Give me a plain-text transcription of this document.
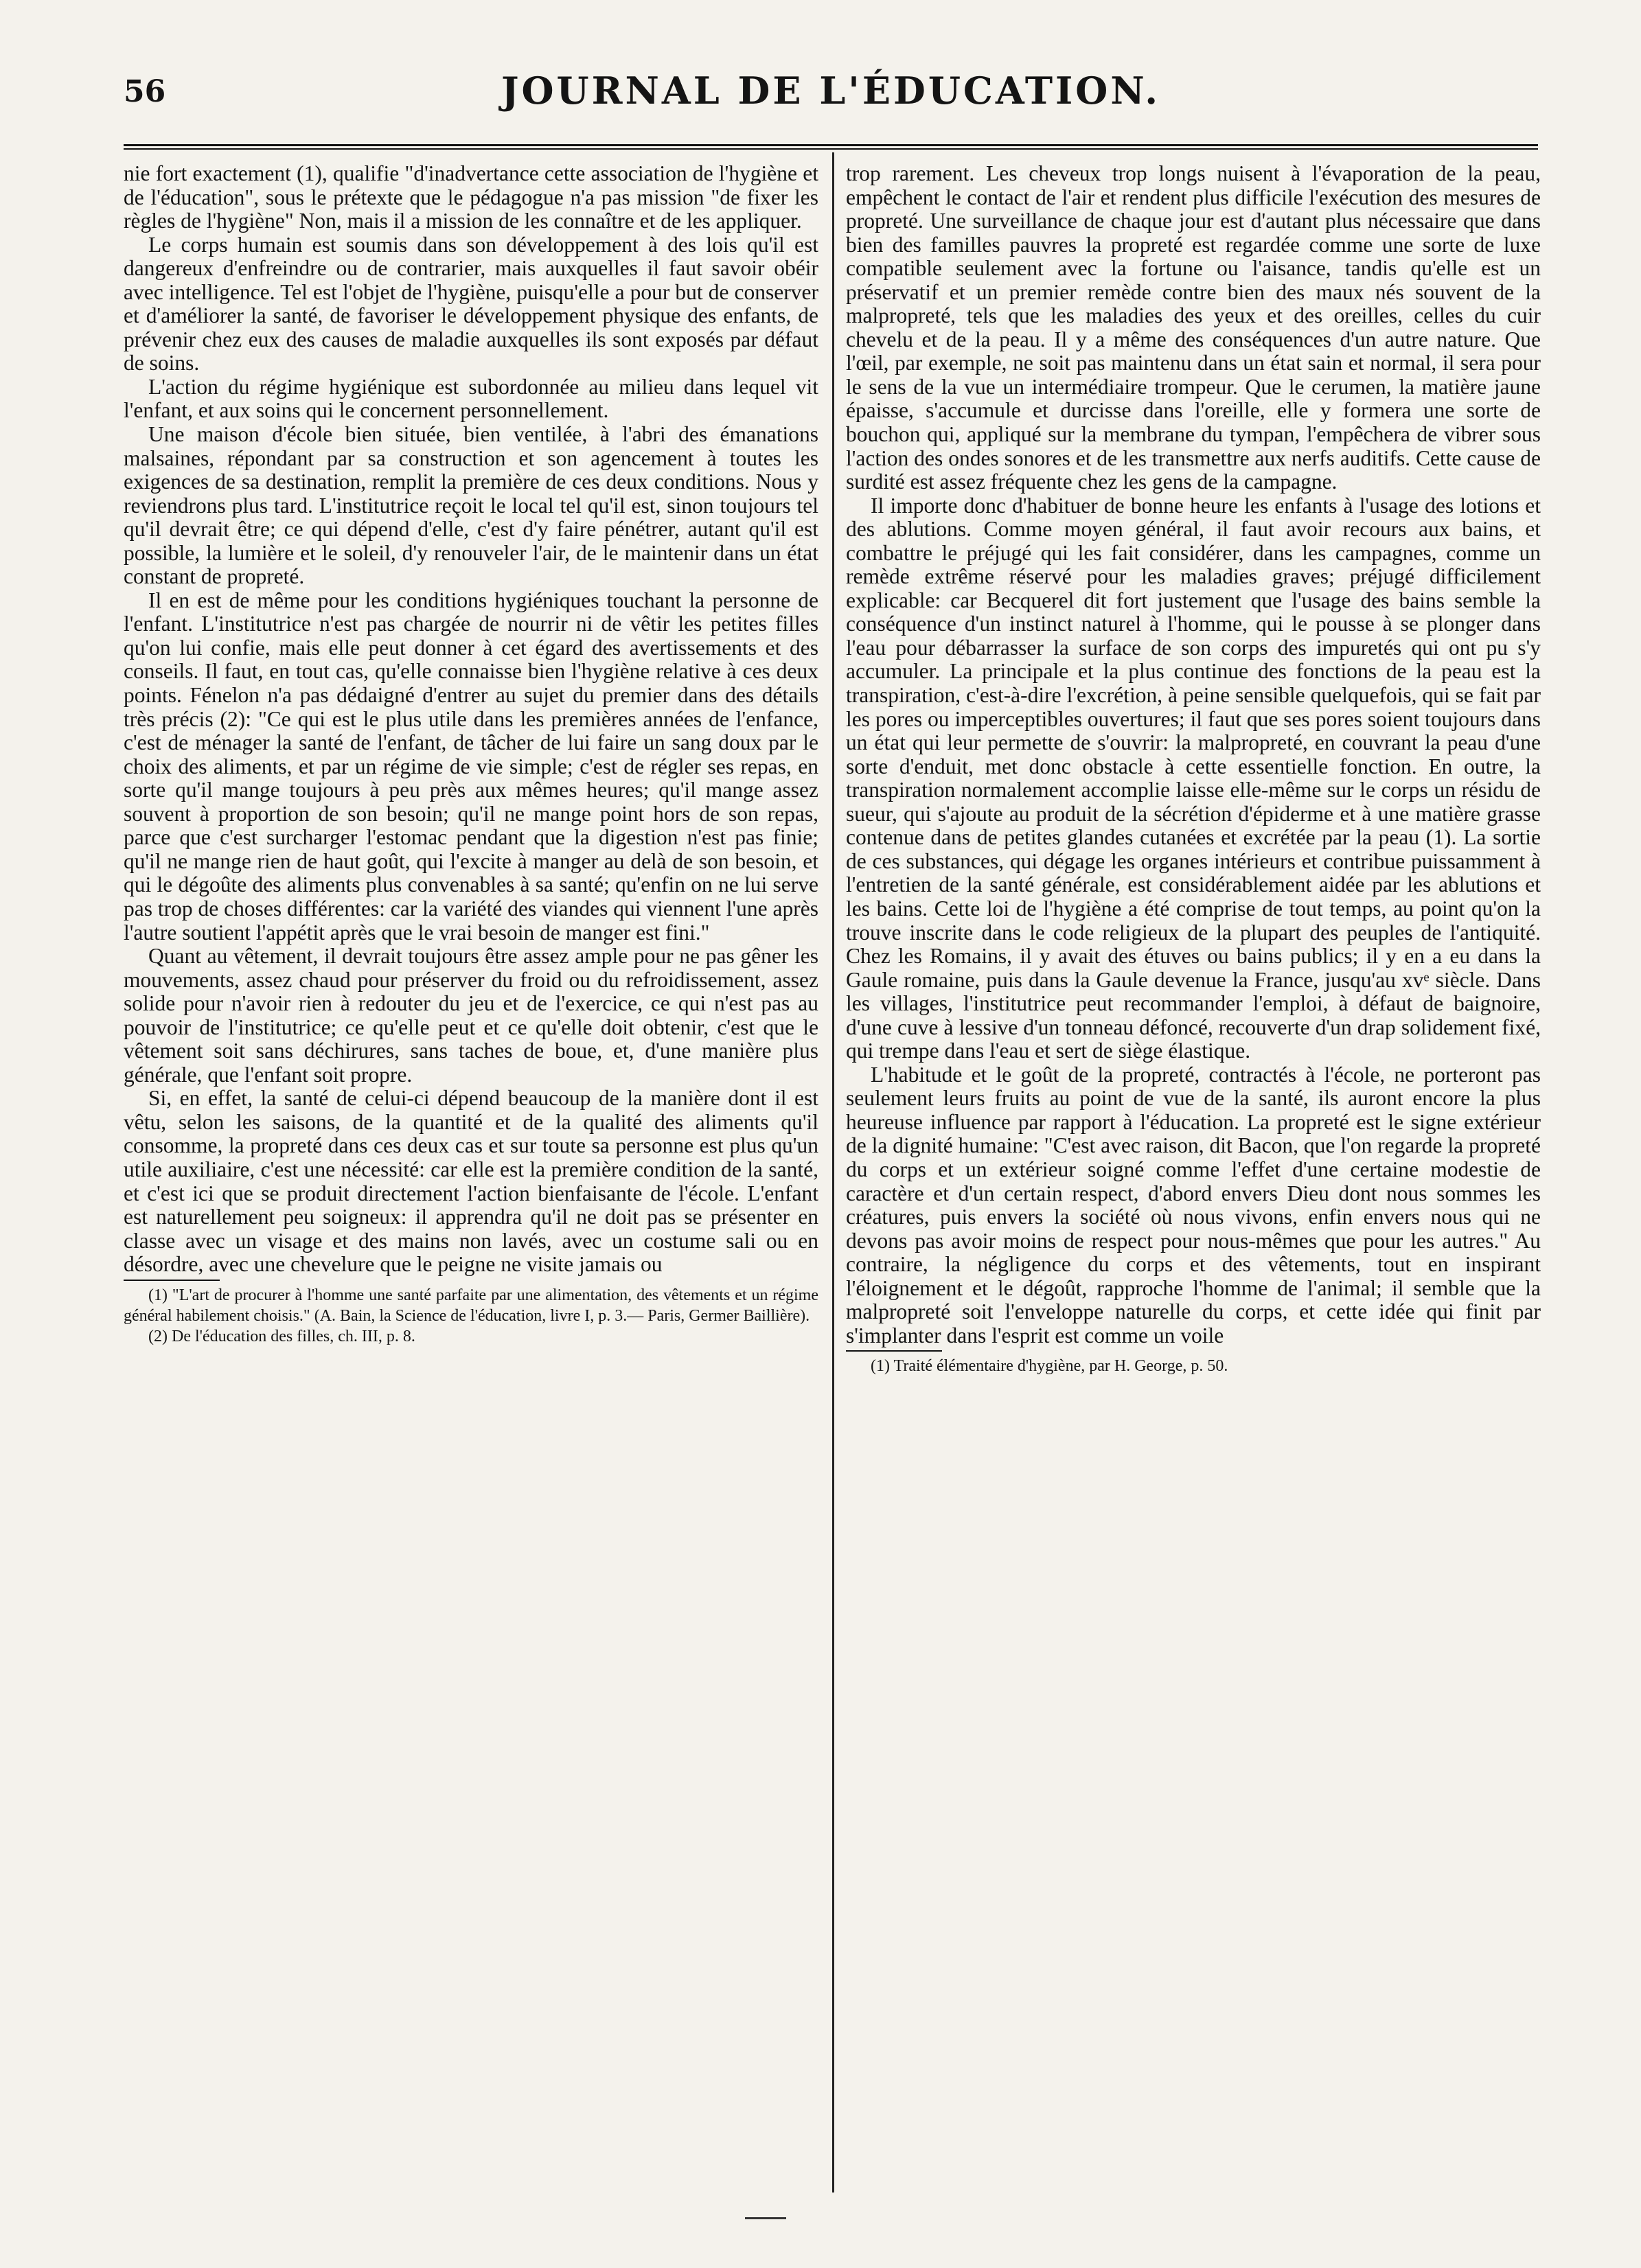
56	JOURNAL DE L'ÉDUCATION.

nie fort exactement (1), qualifie "d'inadvertance cette association de l'hygiène et de l'éducation", sous le prétexte que le pédagogue n'a pas mission "de fixer les règles de l'hygiène" Non, mais il a mission de les connaître et de les appliquer.

Le corps humain est soumis dans son développement à des lois qu'il est dangereux d'enfreindre ou de contrarier, mais auxquelles il faut savoir obéir avec intelligence. Tel est l'objet de l'hygiène, puisqu'elle a pour but de conserver et d'améliorer la santé, de favoriser le développement physique des enfants, de prévenir chez eux des causes de maladie auxquelles ils sont exposés par défaut de soins.

L'action du régime hygiénique est subordonnée au milieu dans lequel vit l'enfant, et aux soins qui le concernent personnellement.

Une maison d'école bien située, bien ventilée, à l'abri des émanations malsaines, répondant par sa construction et son agencement à toutes les exigences de sa destination, remplit la première de ces deux conditions. Nous y reviendrons plus tard. L'institutrice reçoit le local tel qu'il est, sinon toujours tel qu'il devrait être; ce qui dépend d'elle, c'est d'y faire pénétrer, autant qu'il est possible, la lumière et le soleil, d'y renouveler l'air, de le maintenir dans un état constant de propreté.

Il en est de même pour les conditions hygiéniques touchant la personne de l'enfant. L'institutrice n'est pas chargée de nourrir ni de vêtir les petites filles qu'on lui confie, mais elle peut donner à cet égard des avertissements et des conseils. Il faut, en tout cas, qu'elle connaisse bien l'hygiène relative à ces deux points. Fénelon n'a pas dédaigné d'entrer au sujet du premier dans des détails très précis (2): "Ce qui est le plus utile dans les premières années de l'enfance, c'est de ménager la santé de l'enfant, de tâcher de lui faire un sang doux par le choix des aliments, et par un régime de vie simple; c'est de régler ses repas, en sorte qu'il mange toujours à peu près aux mêmes heures; qu'il mange assez souvent à proportion de son besoin; qu'il ne mange point hors de son repas, parce que c'est surcharger l'estomac pendant que la digestion n'est pas finie; qu'il ne mange rien de haut goût, qui l'excite à manger au delà de son besoin, et qui le dégoûte des aliments plus convenables à sa santé; qu'enfin on ne lui serve pas trop de choses différentes: car la variété des viandes qui viennent l'une après l'autre soutient l'appétit après que le vrai besoin de manger est fini."

Quant au vêtement, il devrait toujours être assez ample pour ne pas gêner les mouvements, assez chaud pour préserver du froid ou du refroidissement, assez solide pour n'avoir rien à redouter du jeu et de l'exercice, ce qui n'est pas au pouvoir de l'institutrice; ce qu'elle peut et ce qu'elle doit obtenir, c'est que le vêtement soit sans déchirures, sans taches de boue, et, d'une manière plus générale, que l'enfant soit propre.

Si, en effet, la santé de celui-ci dépend beaucoup de la manière dont il est vêtu, selon les saisons, de la quantité et de la qualité des aliments qu'il consomme, la propreté dans ces deux cas et sur toute sa personne est plus qu'un utile auxiliaire, c'est une nécessité: car elle est la première condition de la santé, et c'est ici que se produit directement l'action bienfaisante de l'école. L'enfant est naturellement peu soigneux: il apprendra qu'il ne doit pas se présenter en classe avec un visage et des mains non lavés, avec un costume sali ou en désordre, avec une chevelure que le peigne ne visite jamais ou

(1) "L'art de procurer à l'homme une santé parfaite par une alimentation, des vêtements et un régime général habilement choisis." (A. Bain, la Science de l'éducation, livre I, p. 3.— Paris, Germer Baillière).

(2) De l'éducation des filles, ch. III, p. 8.

trop rarement. Les cheveux trop longs nuisent à l'évaporation de la peau, empêchent le contact de l'air et rendent plus difficile l'exécution des mesures de propreté. Une surveillance de chaque jour est d'autant plus nécessaire que dans bien des familles pauvres la propreté est regardée comme une sorte de luxe compatible seulement avec la fortune ou l'aisance, tandis qu'elle est un préservatif et un premier remède contre bien des maux nés souvent de la malpropreté, tels que les maladies des yeux et des oreilles, celles du cuir chevelu et de la peau. Il y a même des conséquences d'un autre nature. Que l'œil, par exemple, ne soit pas maintenu dans un état sain et normal, il sera pour le sens de la vue un intermédiaire trompeur. Que le cerumen, la matière jaune épaisse, s'accumule et durcisse dans l'oreille, elle y formera une sorte de bouchon qui, appliqué sur la membrane du tympan, l'empêchera de vibrer sous l'action des ondes sonores et de les transmettre aux nerfs auditifs. Cette cause de surdité est assez fréquente chez les gens de la campagne.

Il importe donc d'habituer de bonne heure les enfants à l'usage des lotions et des ablutions. Comme moyen général, il faut avoir recours aux bains, et combattre le préjugé qui les fait considérer, dans les campagnes, comme un remède extrême réservé pour les maladies graves; préjugé difficilement explicable: car Becquerel dit fort justement que l'usage des bains semble la conséquence d'un instinct naturel à l'homme, qui le pousse à se plonger dans l'eau pour débarrasser la surface de son corps des impuretés qui ont pu s'y accumuler. La principale et la plus continue des fonctions de la peau est la transpiration, c'est-à-dire l'excrétion, à peine sensible quelquefois, qui se fait par les pores ou imperceptibles ouvertures; il faut que ses pores soient toujours dans un état qui leur permette de s'ouvrir: la malpropreté, en couvrant la peau d'une sorte d'enduit, met donc obstacle à cette essentielle fonction. En outre, la transpiration normalement accomplie laisse elle-même sur le corps un résidu de sueur, qui s'ajoute au produit de la sécrétion d'épiderme et à une matière grasse contenue dans de petites glandes cutanées et excrétée par la peau (1). La sortie de ces substances, qui dégage les organes intérieurs et contribue puissamment à l'entretien de la santé générale, est considérablement aidée par les ablutions et les bains. Cette loi de l'hygiène a été comprise de tout temps, au point qu'on la trouve inscrite dans le code religieux de la plupart des peuples de l'antiquité. Chez les Romains, il y avait des étuves ou bains publics; il y en a eu dans la Gaule romaine, puis dans la Gaule devenue la France, jusqu'au xvᵉ siècle. Dans les villages, l'institutrice peut recommander l'emploi, à défaut de baignoire, d'une cuve à lessive d'un tonneau défoncé, recouverte d'un drap solidement fixé, qui trempe dans l'eau et sert de siège élastique.

L'habitude et le goût de la propreté, contractés à l'école, ne porteront pas seulement leurs fruits au point de vue de la santé, ils auront encore la plus heureuse influence par rapport à l'éducation. La propreté est le signe extérieur de la dignité humaine: "C'est avec raison, dit Bacon, que l'on regarde la propreté du corps et un extérieur soigné comme l'effet d'une certaine modestie de caractère et d'un certain respect, d'abord envers Dieu dont nous sommes les créatures, puis envers la société où nous vivons, enfin envers nous qui ne devons pas avoir moins de respect pour nous-mêmes que pour les autres." Au contraire, la négligence du corps et des vêtements, tout en inspirant l'éloignement et le dégoût, rapproche l'homme de l'animal; il semble que la malpropreté soit l'enveloppe naturelle du corps, et cette idée qui finit par s'implanter dans l'esprit est comme un voile

(1) Traité élémentaire d'hygiène, par H. George, p. 50.
